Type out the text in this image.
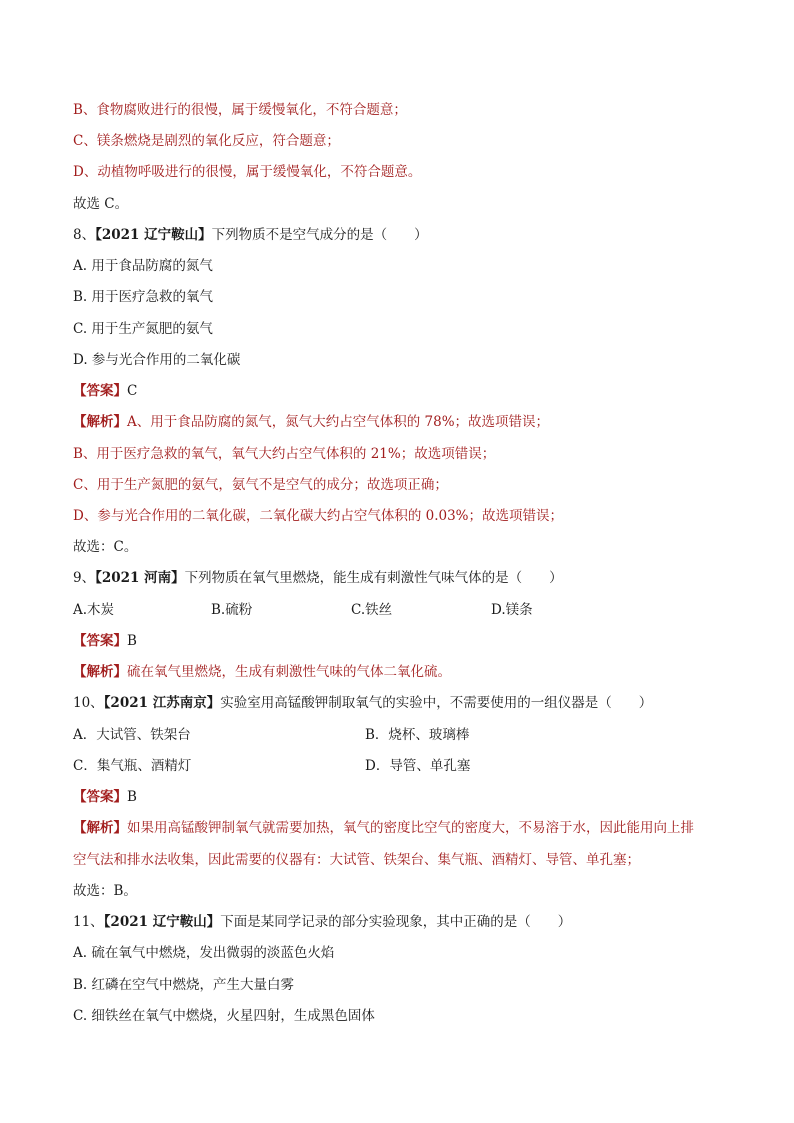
B、食物腐败进行的很慢，属于缓慢氧化，不符合题意；
C、镁条燃烧是剧烈的氧化反应，符合题意；
D、动植物呼吸进行的很慢，属于缓慢氧化，不符合题意。
故选 C。
8、【2021 辽宁鞍山】下列物质不是空气成分的是（　　）
A. 用于食品防腐的氮气
B. 用于医疗急救的氧气
C. 用于生产氮肥的氨气
D. 参与光合作用的二氧化碳
【答案】C
【解析】A、用于食品防腐的氮气，氮气大约占空气体积的 78%；故选项错误；
B、用于医疗急救的氧气，氧气大约占空气体积的 21%；故选项错误；
C、用于生产氮肥的氨气，氨气不是空气的成分；故选项正确；
D、参与光合作用的二氧化碳，二氧化碳大约占空气体积的 0.03%；故选项错误；
故选：C。
9、【2021 河南】下列物质在氧气里燃烧，能生成有刺激性气味气体的是（　　）
A.木炭	B.硫粉	C.铁丝	D.镁条
【答案】B
【解析】硫在氧气里燃烧，生成有刺激性气味的气体二氧化硫。
10、【2021 江苏南京】实验室用高锰酸钾制取氧气的实验中，不需要使用的一组仪器是（　　）
A．大试管、铁架台	B．烧杯、玻璃棒
C．集气瓶、酒精灯	D．导管、单孔塞
【答案】B
【解析】如果用高锰酸钾制氧气就需要加热，氧气的密度比空气的密度大，不易溶于水，因此能用向上排
空气法和排水法收集，因此需要的仪器有：大试管、铁架台、集气瓶、酒精灯、导管、单孔塞；
故选：B。
11、【2021 辽宁鞍山】下面是某同学记录的部分实验现象，其中正确的是（　　）
A. 硫在氧气中燃烧，发出微弱的淡蓝色火焰
B. 红磷在空气中燃烧，产生大量白雾
C. 细铁丝在氧气中燃烧，火星四射，生成黑色固体
